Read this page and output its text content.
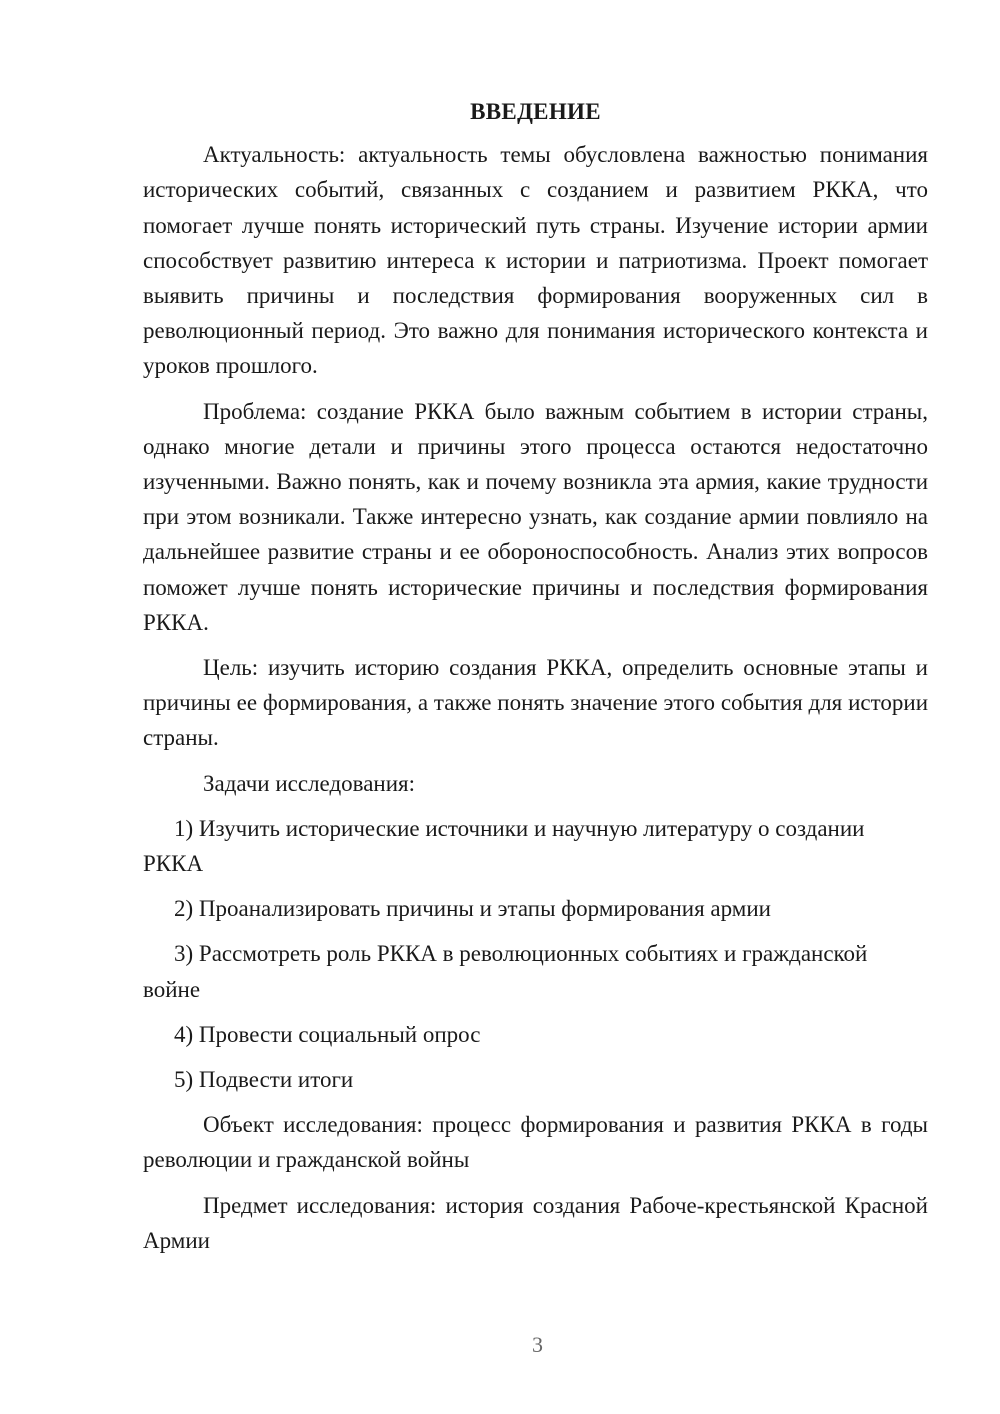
ВВЕДЕНИЕ

Актуальность: актуальность темы обусловлена важностью понимания исторических событий, связанных с созданием и развитием РККА, что помогает лучше понять исторический путь страны. Изучение истории армии способствует развитию интереса к истории и патриотизма. Проект помогает выявить причины и последствия формирования вооруженных сил в революционный период. Это важно для понимания исторического контекста и уроков прошлого.

Проблема: создание РККА было важным событием в истории страны, однако многие детали и причины этого процесса остаются недостаточно изученными. Важно понять, как и почему возникла эта армия, какие трудности при этом возникали. Также интересно узнать, как создание армии повлияло на дальнейшее развитие страны и ее обороноспособность. Анализ этих вопросов поможет лучше понять исторические причины и последствия формирования РККА.

Цель: изучить историю создания РККА, определить основные этапы и причины ее формирования, а также понять значение этого события для истории страны.

Задачи исследования:

1) Изучить исторические источники и научную литературу о создании РККА

2) Проанализировать причины и этапы формирования армии

3) Рассмотреть роль РККА в революционных событиях и гражданской войне

4) Провести социальный опрос

5) Подвести итоги

Объект исследования: процесс формирования и развития РККА в годы революции и гражданской войны

Предмет исследования: история создания Рабоче-крестьянской Красной Армии

3
